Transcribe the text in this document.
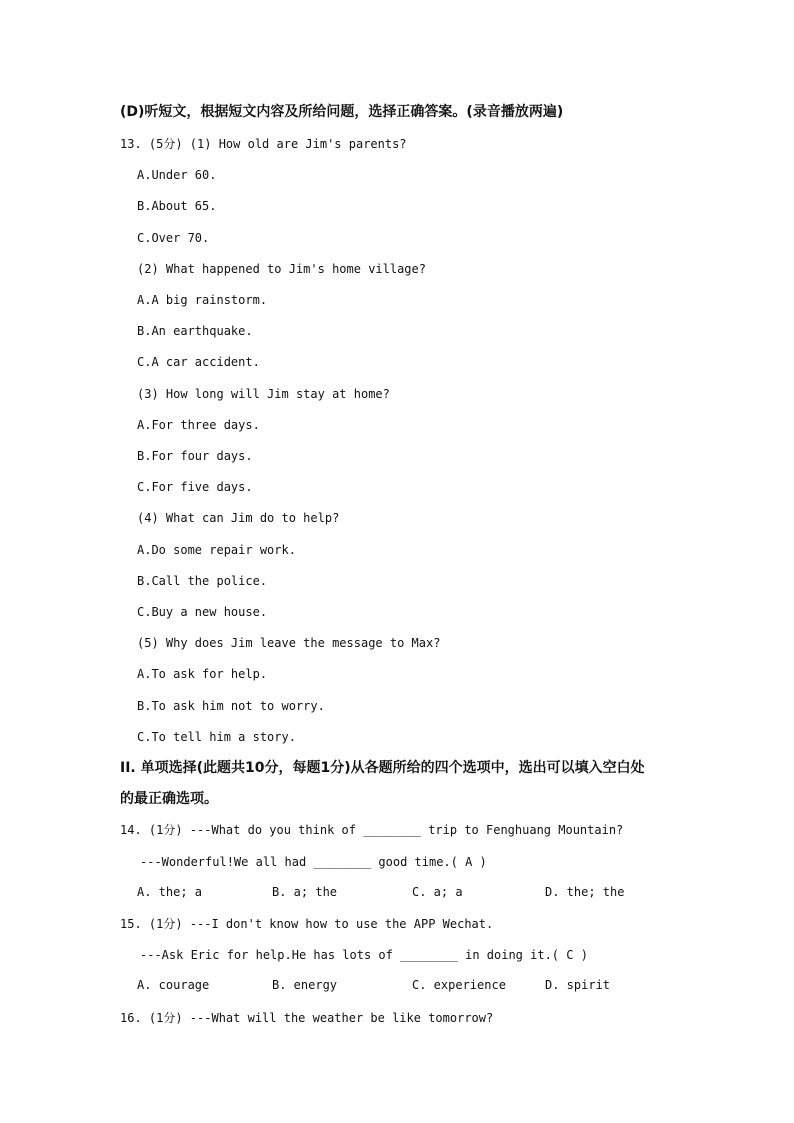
(D)听短文，根据短文内容及所给问题，选择正确答案。(录音播放两遍)
13. (5分) (1) How old are Jim's parents?
A.Under 60.
B.About 65.
C.Over 70.
(2) What happened to Jim's home village?
A.A big rainstorm.
B.An earthquake.
C.A car accident.
(3) How long will Jim stay at home?
A.For three days.
B.For four days.
C.For five days.
(4) What can Jim do to help?
A.Do some repair work.
B.Call the police.
C.Buy a new house.
(5) Why does Jim leave the message to Max?
A.To ask for help.
B.To ask him not to worry.
C.To tell him a story.
II. 单项选择(此题共10分，每题1分)从各题所给的四个选项中，选出可以填入空白处
的最正确选项。
14. (1分) ---What do you think of ________ trip to Fenghuang Mountain?
---Wonderful!We all had ________ good time.( A )
A. the; a	B. a; the	C. a; a	D. the; the
15. (1分) ---I don't know how to use the APP Wechat.
---Ask Eric for help.He has lots of ________ in doing it.( C )
A. courage	B. energy	C. experience	D. spirit
16. (1分) ---What will the weather be like tomorrow?
